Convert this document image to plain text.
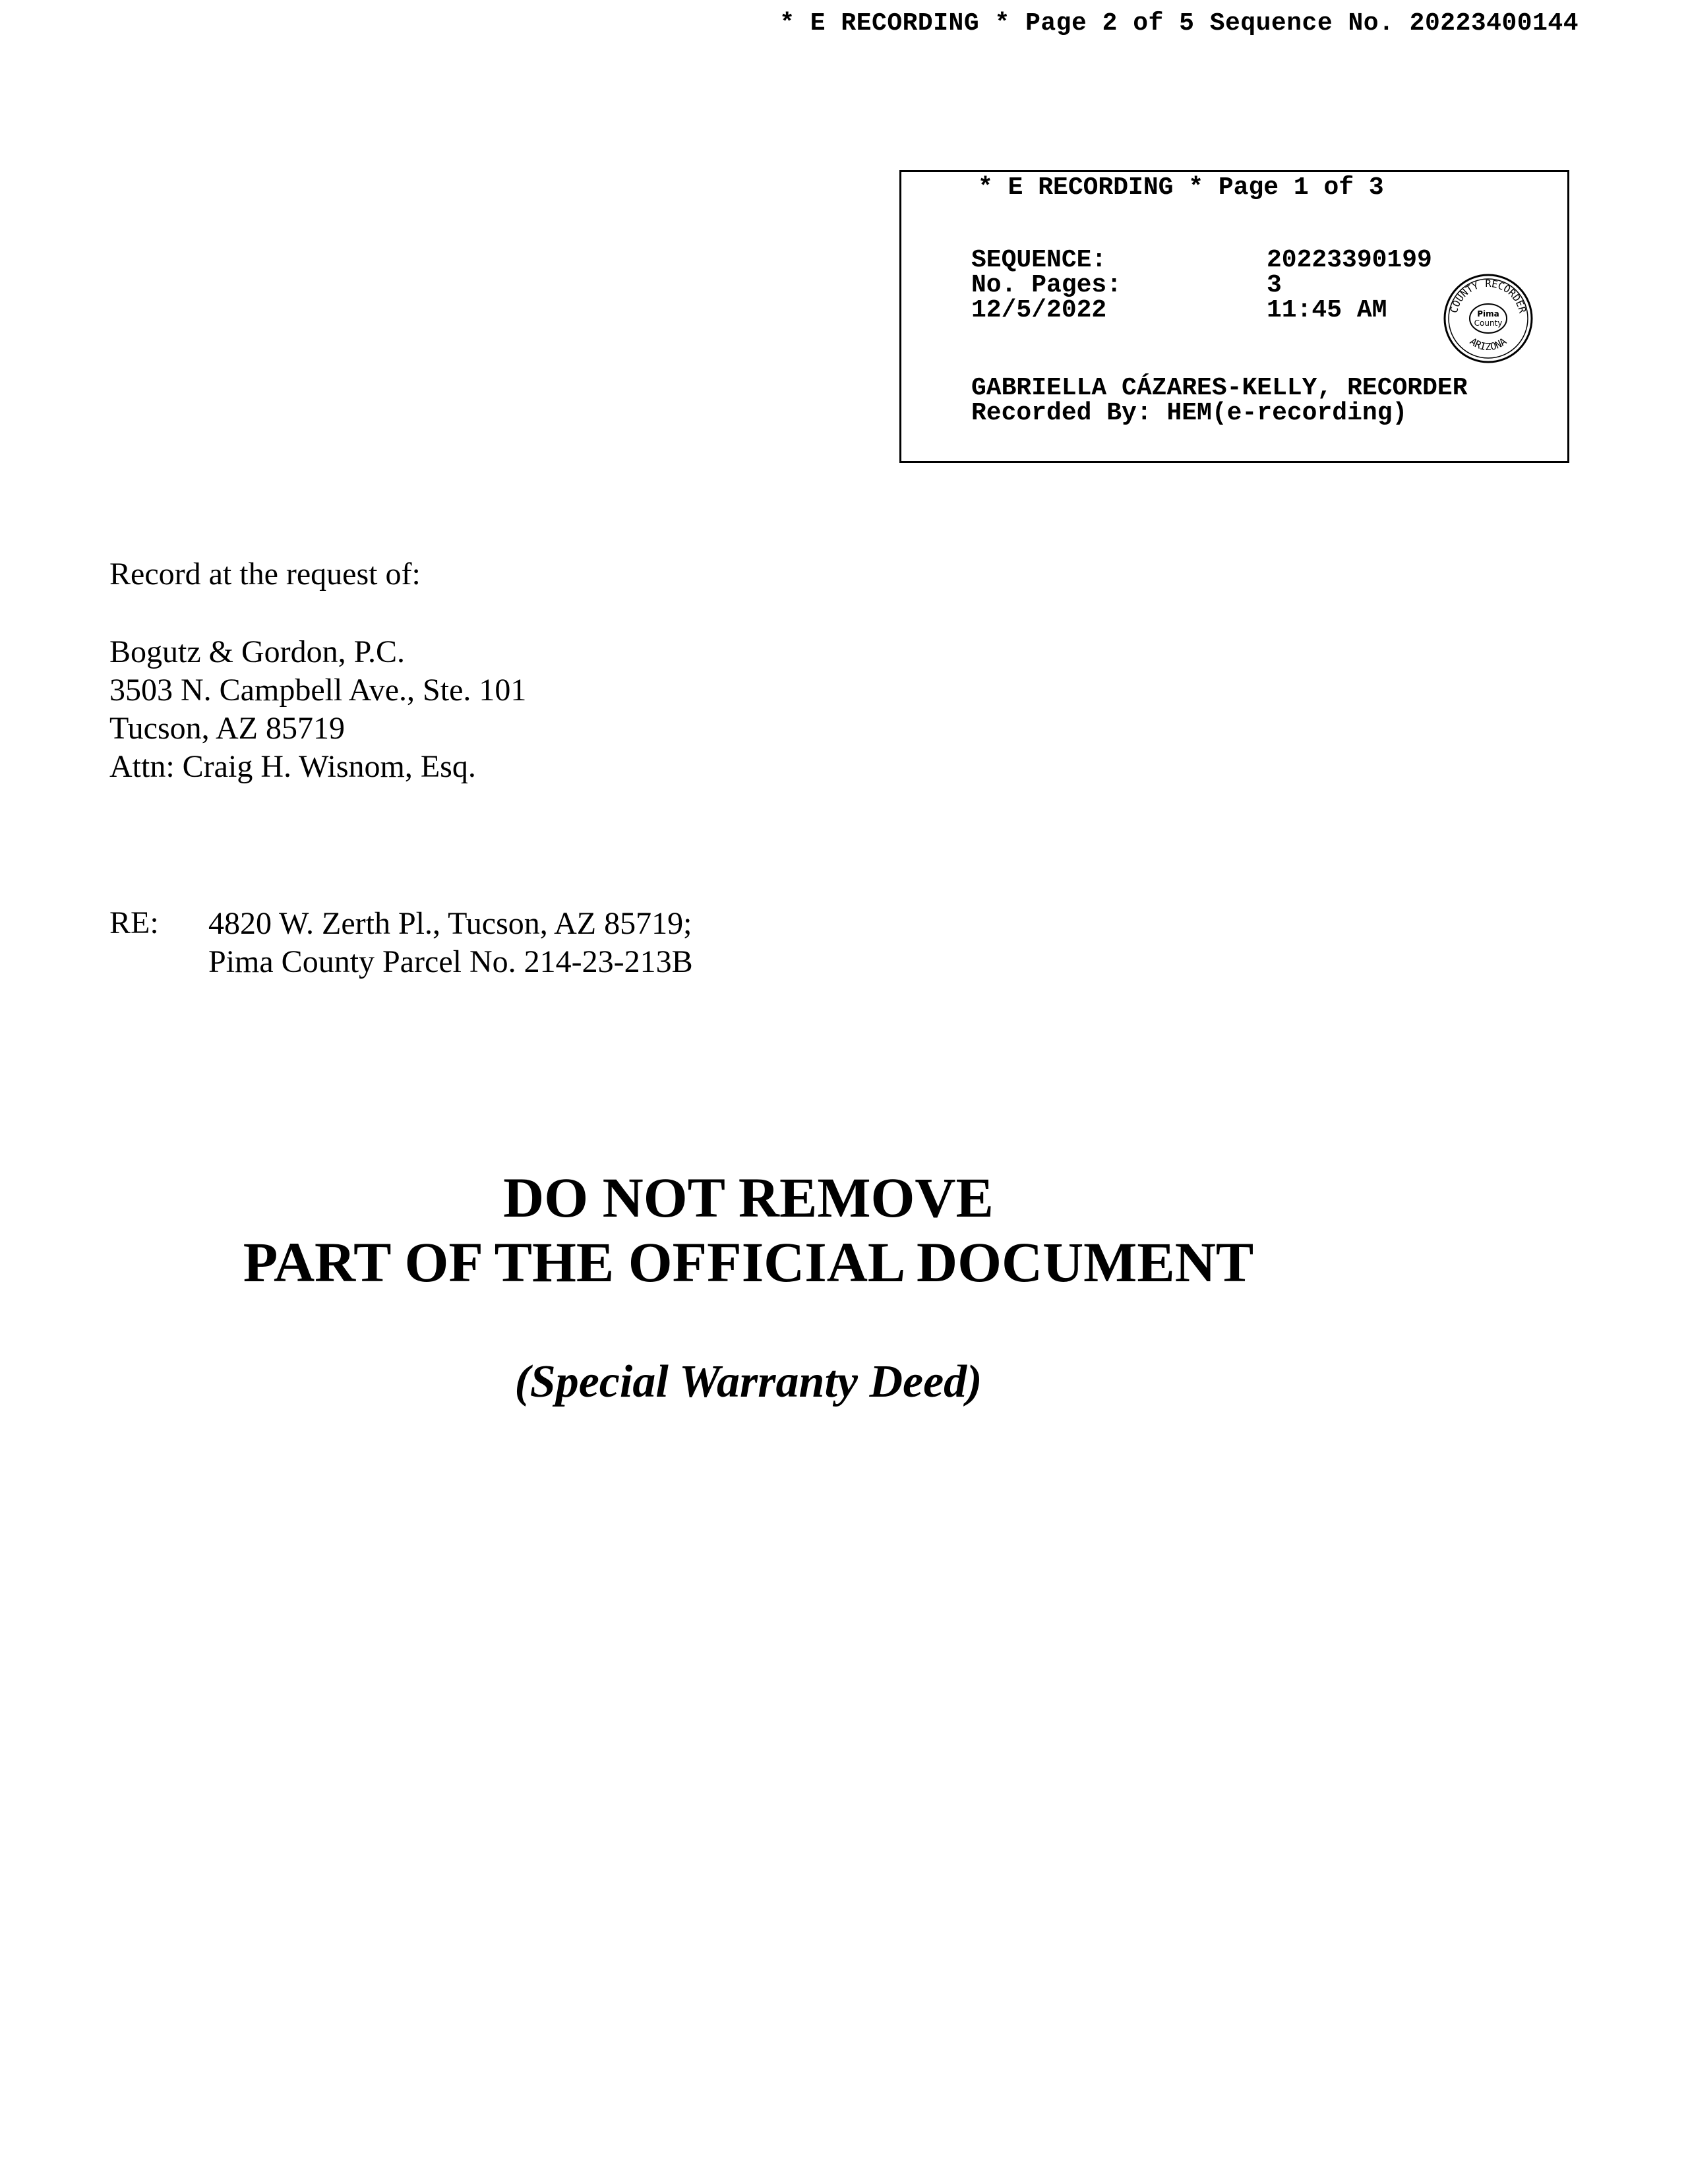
* E RECORDING * Page 2 of 5 Sequence No. 20223400144
* E RECORDING * Page 1 of 3
SEQUENCE:	20223390199
No. Pages:	3
12/5/2022	11:45 AM	COUNTY RECORDER
ARIZONA
Pima
County
GABRIELLA CÁZARES-KELLY, RECORDER
Recorded By: HEM(e-recording)
Record at the request of:
Bogutz & Gordon, P.C.
3503 N. Campbell Ave., Ste. 101
Tucson, AZ 85719
Attn: Craig H. Wisnom, Esq.
RE: 4820 W. Zerth Pl., Tucson, AZ 85719;
Pima County Parcel No. 214-23-213B
DO NOT REMOVE
PART OF THE OFFICIAL DOCUMENT
(Special Warranty Deed)
